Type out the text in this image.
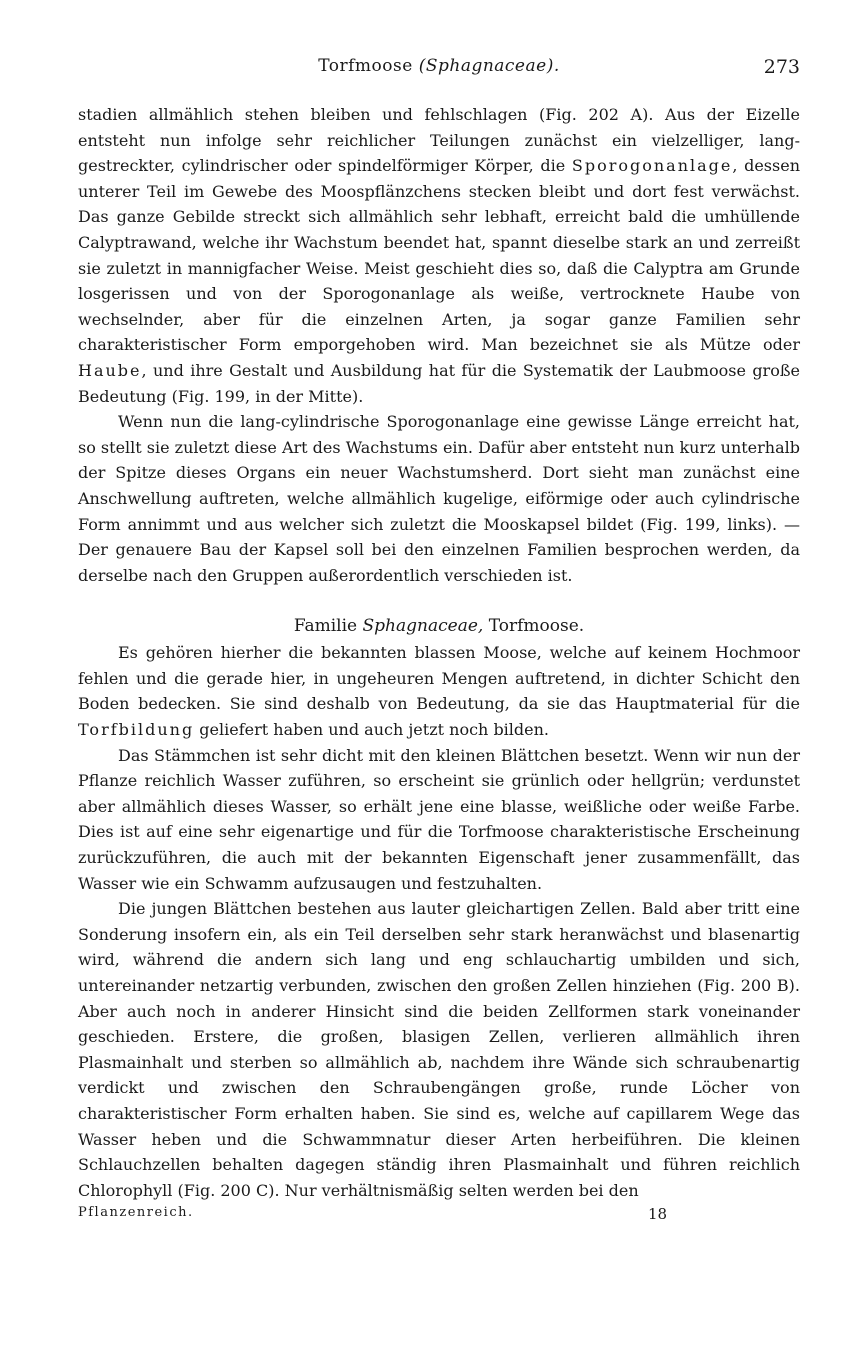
Torfmoose (Sphagnaceae).	273

stadien allmählich stehen bleiben und fehlschlagen (Fig. 202 A). Aus der Eizelle entsteht nun infolge sehr reichlicher Teilungen zunächst ein vielzelliger, langgestreckter, cylindrischer oder spindelförmiger Körper, die Sporogonanlage, dessen unterer Teil im Gewebe des Moospflänzchens stecken bleibt und dort fest verwächst. Das ganze Gebilde streckt sich allmählich sehr lebhaft, erreicht bald die umhüllende Calyptrawand, welche ihr Wachstum beendet hat, spannt dieselbe stark an und zerreißt sie zuletzt in mannigfacher Weise. Meist geschieht dies so, daß die Calyptra am Grunde losgerissen und von der Sporogonanlage als weiße, vertrocknete Haube von wechselnder, aber für die einzelnen Arten, ja sogar ganze Familien sehr charakteristischer Form emporgehoben wird. Man bezeichnet sie als Mütze oder Haube, und ihre Gestalt und Ausbildung hat für die Systematik der Laubmoose große Bedeutung (Fig. 199, in der Mitte).

Wenn nun die lang-cylindrische Sporogonanlage eine gewisse Länge erreicht hat, so stellt sie zuletzt diese Art des Wachstums ein. Dafür aber entsteht nun kurz unterhalb der Spitze dieses Organs ein neuer Wachstumsherd. Dort sieht man zunächst eine Anschwellung auftreten, welche allmählich kugelige, eiförmige oder auch cylindrische Form annimmt und aus welcher sich zuletzt die Mooskapsel bildet (Fig. 199, links). — Der genauere Bau der Kapsel soll bei den einzelnen Familien besprochen werden, da derselbe nach den Gruppen außerordentlich verschieden ist.

Familie Sphagnaceae, Torfmoose.

Es gehören hierher die bekannten blassen Moose, welche auf keinem Hochmoor fehlen und die gerade hier, in ungeheuren Mengen auftretend, in dichter Schicht den Boden bedecken. Sie sind deshalb von Bedeutung, da sie das Hauptmaterial für die Torfbildung geliefert haben und auch jetzt noch bilden.

Das Stämmchen ist sehr dicht mit den kleinen Blättchen besetzt. Wenn wir nun der Pflanze reichlich Wasser zuführen, so erscheint sie grünlich oder hellgrün; verdunstet aber allmählich dieses Wasser, so erhält jene eine blasse, weißliche oder weiße Farbe. Dies ist auf eine sehr eigenartige und für die Torfmoose charakteristische Erscheinung zurückzuführen, die auch mit der bekannten Eigenschaft jener zusammenfällt, das Wasser wie ein Schwamm aufzusaugen und festzuhalten.

Die jungen Blättchen bestehen aus lauter gleichartigen Zellen. Bald aber tritt eine Sonderung insofern ein, als ein Teil derselben sehr stark heranwächst und blasenartig wird, während die andern sich lang und eng schlauchartig umbilden und sich, untereinander netzartig verbunden, zwischen den großen Zellen hinziehen (Fig. 200 B). Aber auch noch in anderer Hinsicht sind die beiden Zellformen stark voneinander geschieden. Erstere, die großen, blasigen Zellen, verlieren allmählich ihren Plasmainhalt und sterben so allmählich ab, nachdem ihre Wände sich schraubenartig verdickt und zwischen den Schraubengängen große, runde Löcher von charakteristischer Form erhalten haben. Sie sind es, welche auf capillarem Wege das Wasser heben und die Schwammnatur dieser Arten herbeiführen. Die kleinen Schlauchzellen behalten dagegen ständig ihren Plasmainhalt und führen reichlich Chlorophyll (Fig. 200 C). Nur verhältnismäßig selten werden bei den

Pflanzenreich.	18
